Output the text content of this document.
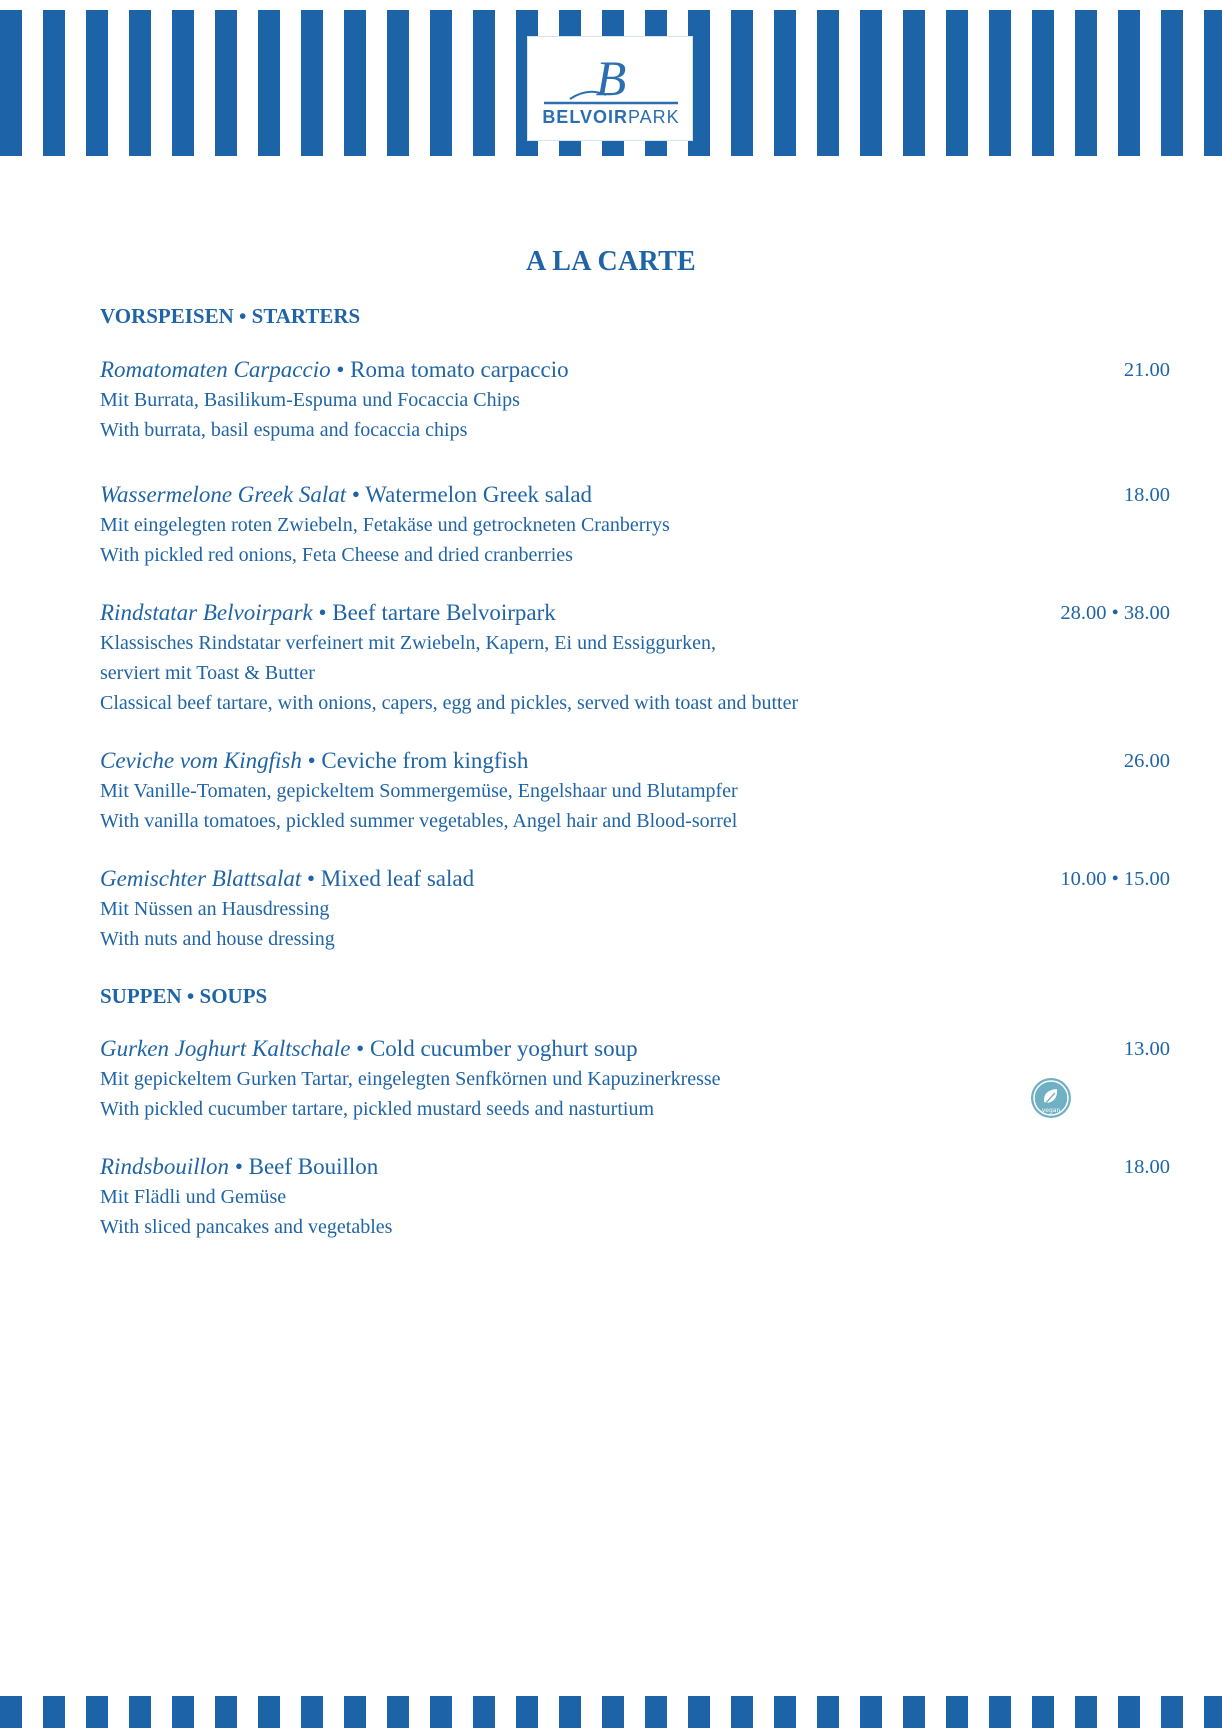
B
BELVOIRPARK
A LA CARTE
VORSPEISEN • STARTERS
Romatomaten Carpaccio • Roma tomato carpaccio
Mit Burrata, Basilikum-Espuma und Focaccia Chips
With burrata, basil espuma and focaccia chips
21.00
Wassermelone Greek Salat • Watermelon Greek salad
Mit eingelegten roten Zwiebeln, Fetakäse und getrockneten Cranberrys
With pickled red onions, Feta Cheese and dried cranberries
18.00
Rindstatar Belvoirpark • Beef tartare Belvoirpark
Klassisches Rindstatar verfeinert mit Zwiebeln, Kapern, Ei und Essiggurken,
serviert mit Toast & Butter
Classical beef tartare, with onions, capers, egg and pickles, served with toast and butter
28.00 • 38.00
Ceviche vom Kingfish • Ceviche from kingfish
Mit Vanille-Tomaten, gepickeltem Sommergemüse, Engelshaar und Blutampfer
With vanilla tomatoes, pickled summer vegetables, Angel hair and Blood-sorrel
26.00
Gemischter Blattsalat • Mixed leaf salad
Mit Nüssen an Hausdressing
With nuts and house dressing
10.00 • 15.00
SUPPEN • SOUPS
Gurken Joghurt Kaltschale • Cold cucumber yoghurt soup
Mit gepickeltem Gurken Tartar, eingelegten Senfkörnen und Kapuzinerkresse
With pickled cucumber tartare, pickled mustard seeds and nasturtium
13.00
vegan
Rindsbouillon • Beef Bouillon
Mit Flädli und Gemüse
With sliced pancakes and vegetables
18.00
